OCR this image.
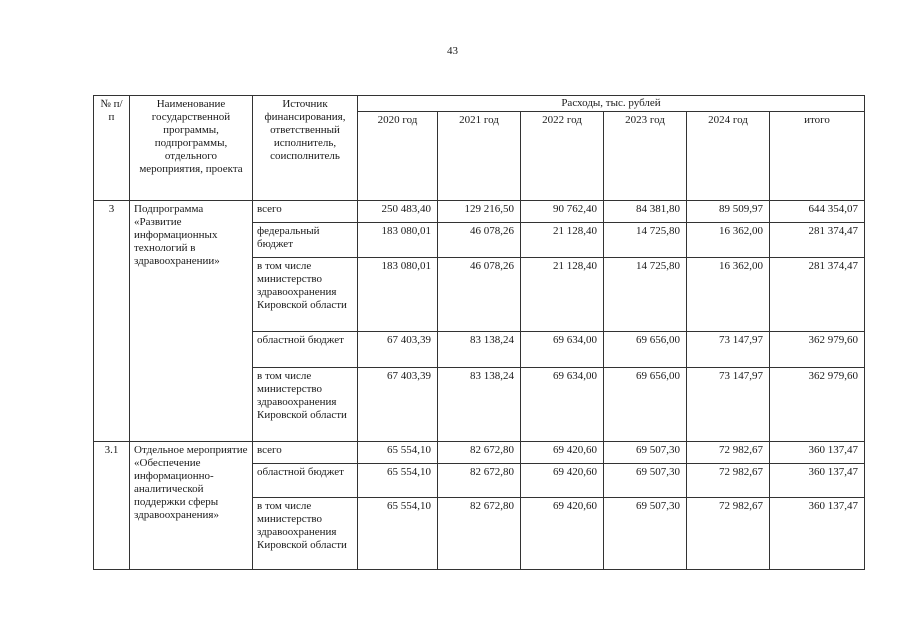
43
№ п/п	Наименование государственной программы, подпрограммы, отдельного мероприятия, проекта	Источник финансирования, ответственный исполнитель, соисполнитель	Расходы, тыс. рублей					
			2020 год	2021 год	2022 год	2023 год	2024 год	итого
3	Подпрограмма «Развитие информационных технологий в здравоохранении»	всего	250 483,40	129 216,50	90 762,40	84 381,80	89 509,97	644 354,07
		федеральный бюджет	183 080,01	46 078,26	21 128,40	14 725,80	16 362,00	281 374,47
		в том числе министерство здравоохранения Кировской области	183 080,01	46 078,26	21 128,40	14 725,80	16 362,00	281 374,47
		областной бюджет	67 403,39	83 138,24	69 634,00	69 656,00	73 147,97	362 979,60
		в том числе министерство здравоохранения Кировской области	67 403,39	83 138,24	69 634,00	69 656,00	73 147,97	362 979,60
3.1	Отдельное мероприятие «Обеспечение информационно-аналитической поддержки сферы здравоохранения»	всего	65 554,10	82 672,80	69 420,60	69 507,30	72 982,67	360 137,47
		областной бюджет	65 554,10	82 672,80	69 420,60	69 507,30	72 982,67	360 137,47
		в том числе министерство здравоохранения Кировской области	65 554,10	82 672,80	69 420,60	69 507,30	72 982,67	360 137,47
